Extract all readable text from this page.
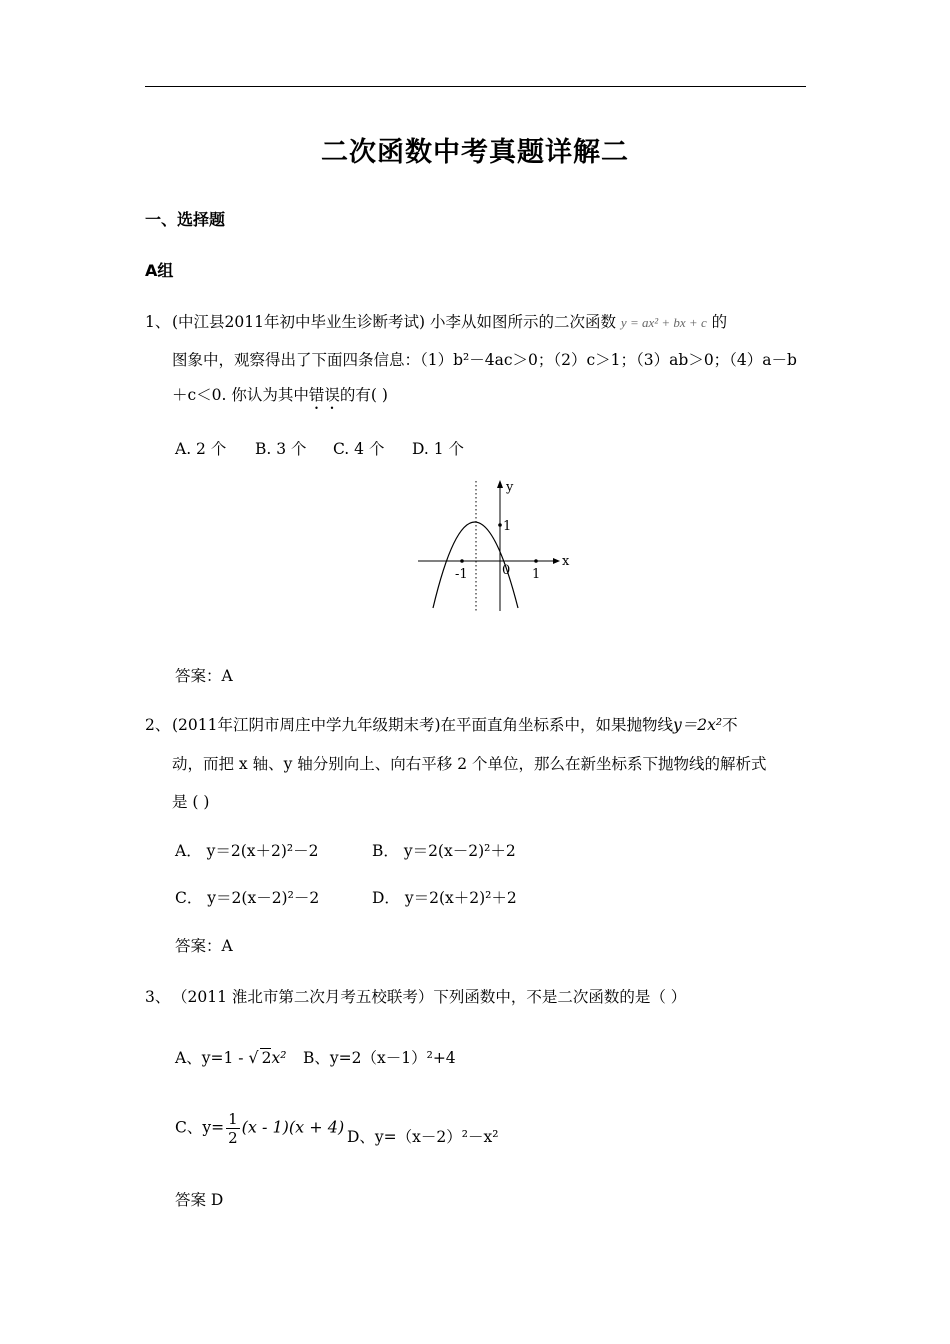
二次函数中考真题详解二
一、选择题
A组
1、 (中江县2011年初中毕业生诊断考试) 小李从如图所示的二次函数 y = ax² + bx + c 的
图象中，观察得出了下面四条信息：（1）b²－4ac＞0；（2）c＞1；（3）ab＞0；（4）a－b
＋c＜0. 你认为其中错误的有( )
A. 2 个 B. 3 个 C. 4 个 D. 1 个
y
x
1
-1	0 1
答案：A
2、 (2011年江阴市周庄中学九年级期末考)在平面直角坐标系中，如果抛物线y＝2x²不
动，而把 x 轴、y 轴分别向上、向右平移 2 个单位，那么在新坐标系下抛物线的解析式
是 ( )
A． y＝2(x＋2)²－2	B． y＝2(x－2)²＋2
C． y＝2(x－2)²－2	D． y＝2(x＋2)²＋2
答案：A
3、 （2011 淮北市第二次月考五校联考）下列函数中，不是二次函数的是（ ）
A、y=1 - √ 2x² B、y=2（x－1）²+4
C、$y= \frac{1}{2} (x - 1)(x + 4)$
D、y=（x－2）²－x²
答案 D
